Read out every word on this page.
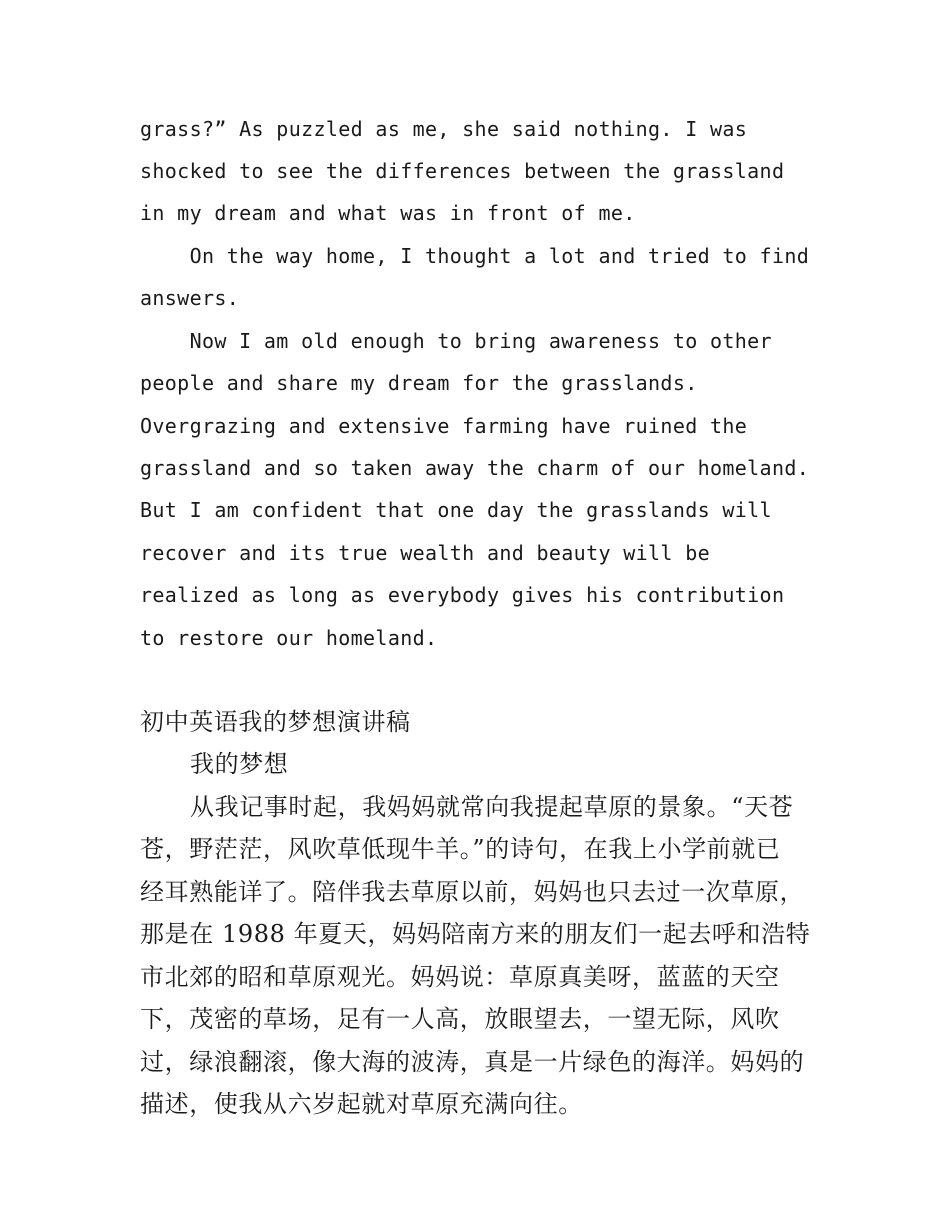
grass?” As puzzled as me, she said nothing. I was
shocked to see the differences between the grassland
in my dream and what was in front of me.
On the way home, I thought a lot and tried to find
answers.
Now I am old enough to bring awareness to other
people and share my dream for the grasslands.
Overgrazing and extensive farming have ruined the
grassland and so taken away the charm of our homeland.
But I am confident that one day the grasslands will
recover and its true wealth and beauty will be
realized as long as everybody gives his contribution
to restore our homeland.
初中英语我的梦想演讲稿
我的梦想
从我记事时起，我妈妈就常向我提起草原的景象。“天苍
苍，野茫茫，风吹草低现牛羊。”的诗句，在我上小学前就已
经耳熟能详了。陪伴我去草原以前，妈妈也只去过一次草原，
那是在 1988 年夏天，妈妈陪南方来的朋友们一起去呼和浩特
市北郊的昭和草原观光。妈妈说：草原真美呀，蓝蓝的天空
下，茂密的草场，足有一人高，放眼望去，一望无际，风吹
过，绿浪翻滚，像大海的波涛，真是一片绿色的海洋。妈妈的
描述，使我从六岁起就对草原充满向往。
